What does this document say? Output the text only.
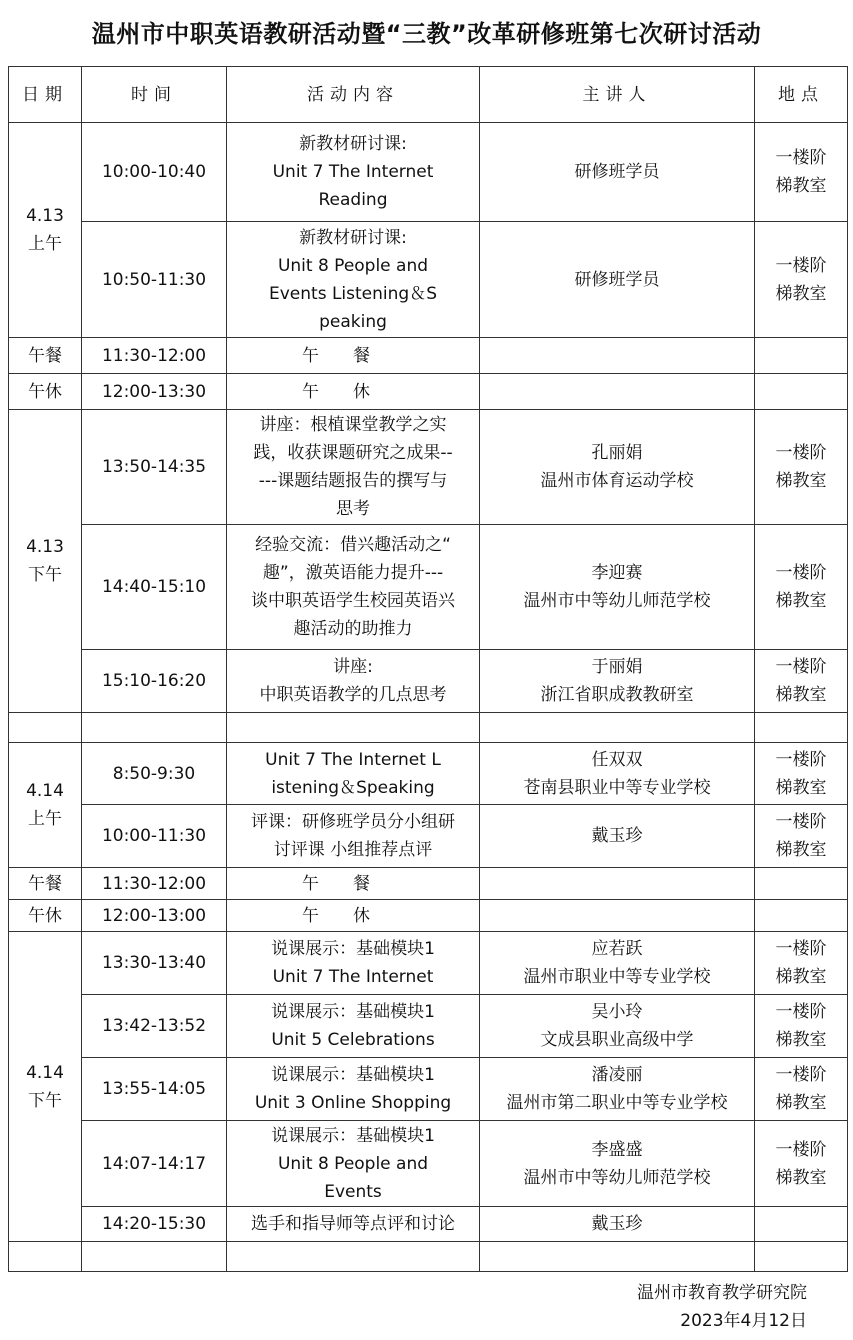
温州市中职英语教研活动暨“三教”改革研修班第七次研讨活动
日期	时间	活动内容	主讲人	地点

4.13
上午	10:00-10:40	新教材研讨课:
Unit 7 The Internet
Reading	研修班学员	一楼阶
梯教室

	10:50-11:30	新教材研讨课:
Unit 8 People and
Events Listening＆S
peaking	研修班学员	一楼阶
梯教室

午餐	11:30-12:00	午餐		

午休	12:00-13:30	午休		

4.13
下午	13:50-14:35	讲座：根植课堂教学之实
践，收获课题研究之成果--
---课题结题报告的撰写与
思考	孔丽娟
温州市体育运动学校	一楼阶
梯教室

	14:40-15:10	经验交流：借兴趣活动之“
趣”，激英语能力提升---
谈中职英语学生校园英语兴
趣活动的助推力	李迎赛
温州市中等幼儿师范学校	一楼阶
梯教室

	15:10-16:20	讲座:
中职英语教学的几点思考	于丽娟
浙江省职成教教研室	一楼阶
梯教室

4.14
上午	8:50-9:30	Unit 7 The Internet L
istening＆Speaking	任双双
苍南县职业中等专业学校	一楼阶
梯教室

	10:00-11:30	评课：研修班学员分小组研
讨评课 小组推荐点评	戴玉珍	一楼阶
梯教室

午餐	11:30-12:00	午餐		

午休	12:00-13:00	午休		

4.14
下午	13:30-13:40	说课展示：基础模块1
Unit 7 The Internet	应若跃
温州市职业中等专业学校	一楼阶
梯教室

	13:42-13:52	说课展示：基础模块1
Unit 5 Celebrations	吴小玲
文成县职业高级中学	一楼阶
梯教室

	13:55-14:05	说课展示：基础模块1
Unit 3 Online Shopping	潘凌丽
温州市第二职业中等专业学校	一楼阶
梯教室

	14:07-14:17	说课展示：基础模块1
Unit 8 People and
Events	李盛盛
温州市中等幼儿师范学校	一楼阶
梯教室

	14:20-15:30	选手和指导师等点评和讨论	戴玉珍	

温州市教育教学研究院
2023年4月12日
